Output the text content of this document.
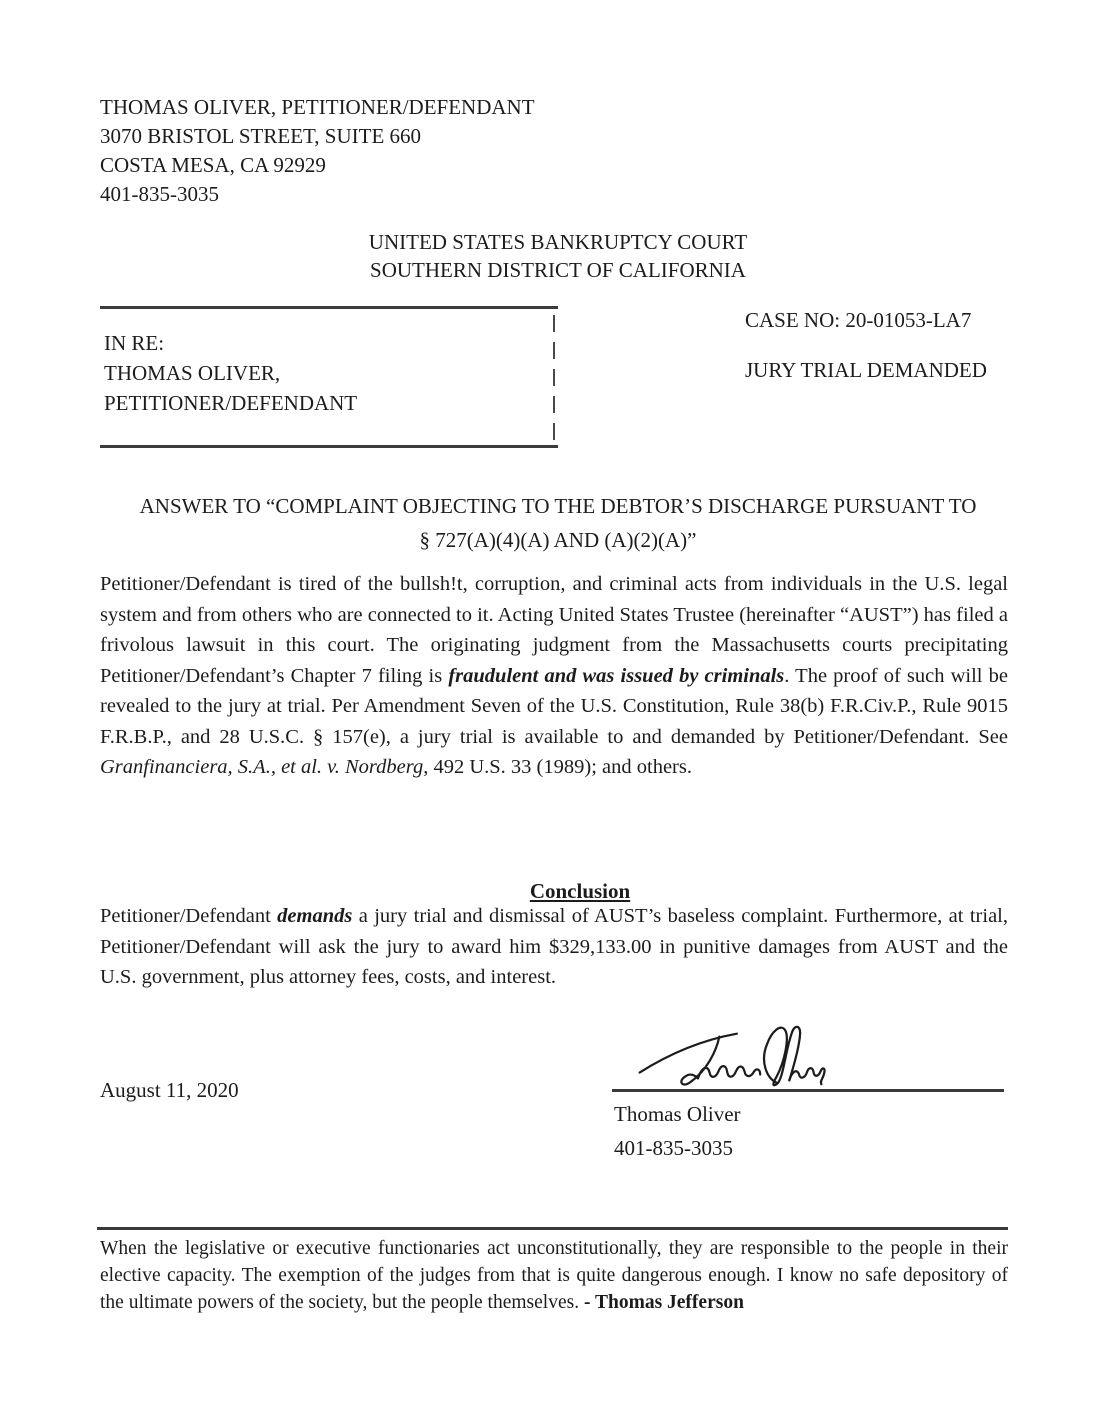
THOMAS OLIVER, PETITIONER/DEFENDANT
3070 BRISTOL STREET, SUITE 660
COSTA MESA, CA 92929
401-835-3035
UNITED STATES BANKRUPTCY COURT
SOUTHERN DISTRICT OF CALIFORNIA
IN RE:
THOMAS OLIVER,
PETITIONER/DEFENDANT
CASE NO: 20-01053-LA7
JURY TRIAL DEMANDED
ANSWER TO “COMPLAINT OBJECTING TO THE DEBTOR’S DISCHARGE PURSUANT TO
§ 727(A)(4)(A) AND (A)(2)(A)”
Petitioner/Defendant is tired of the bullsh!t, corruption, and criminal acts from individuals in the U.S. legal system and from others who are connected to it. Acting United States Trustee (hereinafter “AUST”) has filed a frivolous lawsuit in this court. The originating judgment from the Massachusetts courts precipitating Petitioner/Defendant’s Chapter 7 filing is fraudulent and was issued by criminals. The proof of such will be revealed to the jury at trial. Per Amendment Seven of the U.S. Constitution, Rule 38(b) F.R.Civ.P., Rule 9015 F.R.B.P., and 28 U.S.C. § 157(e), a jury trial is available to and demanded by Petitioner/Defendant. See Granfinanciera, S.A., et al. v. Nordberg, 492 U.S. 33 (1989); and others.
Conclusion
Petitioner/Defendant demands a jury trial and dismissal of AUST’s baseless complaint. Furthermore, at trial, Petitioner/Defendant will ask the jury to award him $329,133.00 in punitive damages from AUST and the U.S. government, plus attorney fees, costs, and interest.
August 11, 2020
Thomas Oliver
401-835-3035
When the legislative or executive functionaries act unconstitutionally, they are responsible to the people in their elective capacity. The exemption of the judges from that is quite dangerous enough. I know no safe depository of the ultimate powers of the society, but the people themselves. - Thomas Jefferson
